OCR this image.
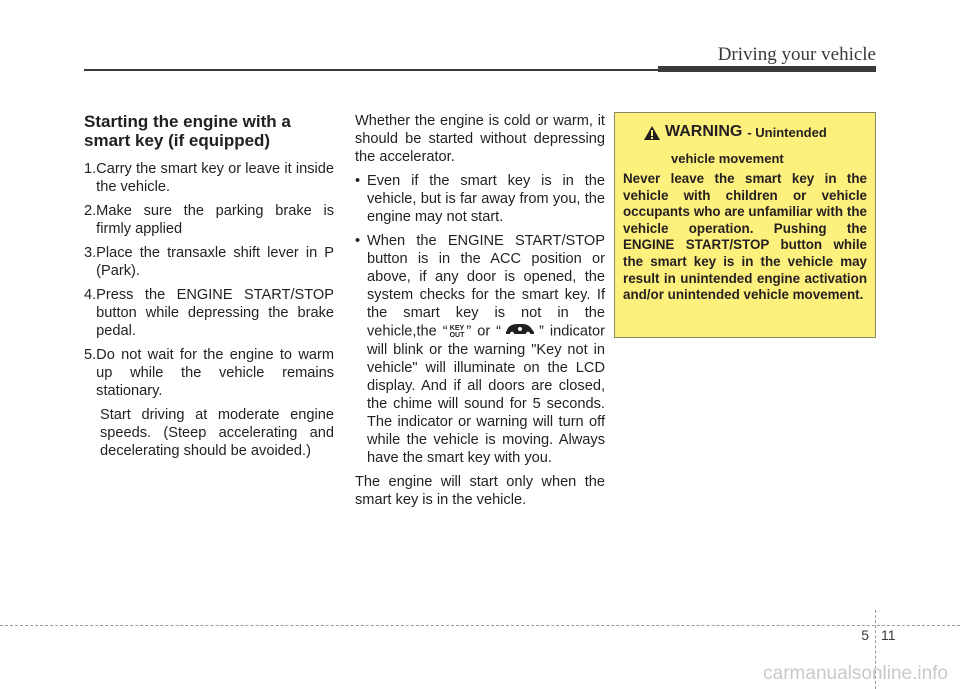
Driving your vehicle
Starting the engine with a smart key (if equipped)
1. Carry the smart key or leave it inside the vehicle.
2. Make sure the parking brake is firmly applied
3. Place the transaxle shift lever in P (Park).
4. Press the ENGINE START/STOP button while depressing the brake pedal.
5. Do not wait for the engine to warm up while the vehicle remains stationary.
Start driving at moderate engine speeds. (Steep accelerating and decelerating should be avoided.)

Whether the engine is cold or warm, it should be started without depressing the accelerator.

• Even if the smart key is in the vehicle, but is far away from you, the engine may not start.
• When the ENGINE START/STOP button is in the ACC position or above, if any door is opened, the system checks for the smart key. If the smart key is not in the vehicle,the “ KEY
OUT ” or “	” indicator will blink or the warning "Key not in vehicle" will illuminate on the LCD display. And if all doors are closed, the chime will sound for 5 seconds. The indicator or warning will turn off while the vehicle is moving. Always have the smart key with you.

The engine will start only when the smart key is in the vehicle.

WARNING - Unintended
vehicle movement
Never leave the smart key in the vehicle with children or vehicle occupants who are unfamiliar with the vehicle operation. Pushing the ENGINE START/STOP button while the smart key is in the vehicle may result in unintended engine activation and/or unintended vehicle movement.
5 11
carmanualsonline.info
